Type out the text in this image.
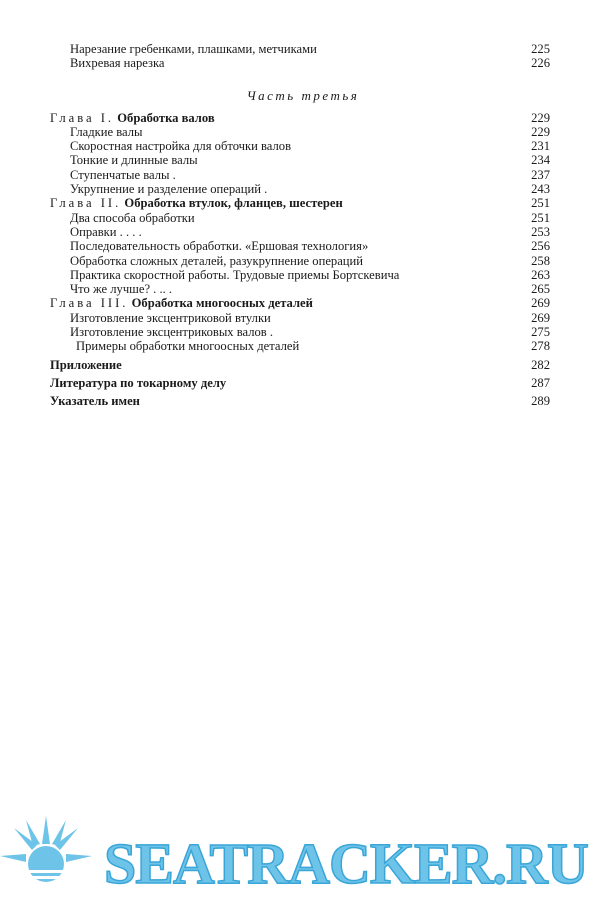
Нарезание гребенками, плашками, метчиками	225
Вихревая нарезка	226
Часть третья
Глава I. Обработка валов	229
Гладкие валы	229
Скоростная настройка для обточки валов	231
Тонкие и длинные валы	234
Ступенчатые валы .	237
Укрупнение и разделение операций .	243
Глава II. Обработка втулок, фланцев, шестерен	251
Два способа обработки	251
Оправки . . . .	253
Последовательность обработки. «Ершовая технология»	256
Обработка сложных деталей, разукрупнение операций	258
Практика скоростной работы. Трудовые приемы Бортскевича	263
Что же лучше? . .. .	265
Глава III. Обработка многоосных деталей	269
Изготовление эксцентриковой втулки	269
Изготовление эксцентриковых валов .	275
Примеры обработки многоосных деталей	278
Приложение	282
Литература по токарному делу	287
Указатель имен	289
SEATRACKER.RU
